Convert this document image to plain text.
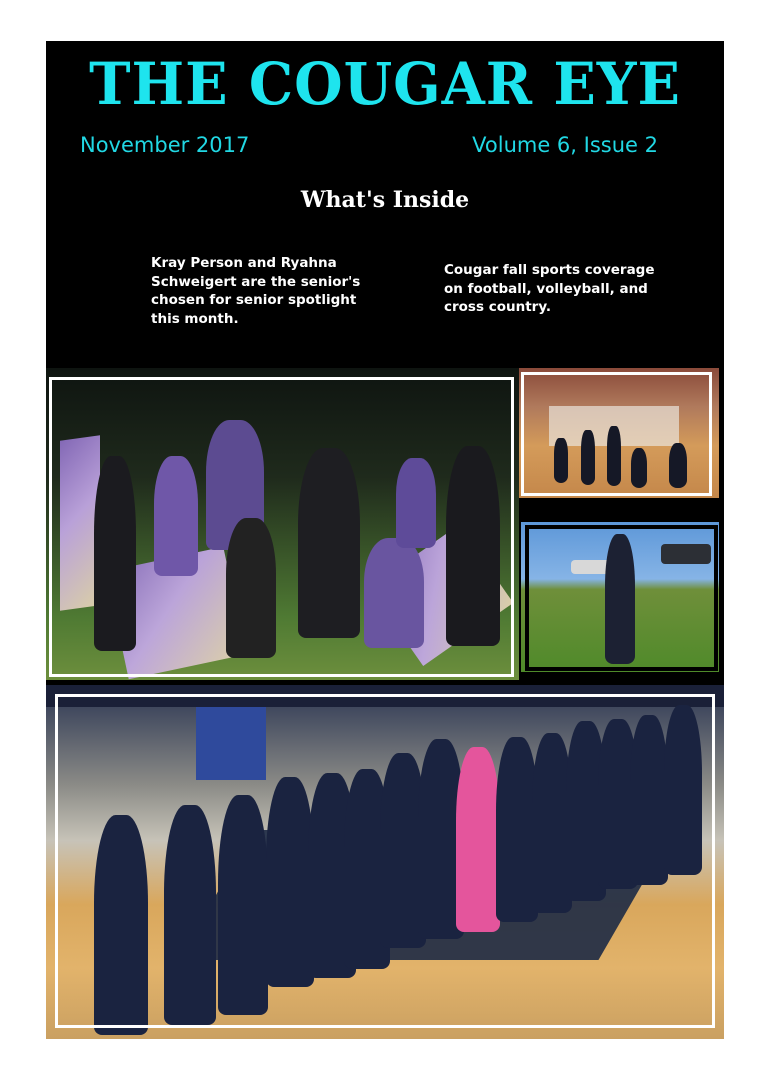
THE COUGAR EYE
November 2017	Volume 6, Issue 2
What's Inside
Kray Person and Ryahna Schweigert are the senior's chosen for senior spotlight this month.
Cougar fall sports coverage on football, volleyball, and cross country.
